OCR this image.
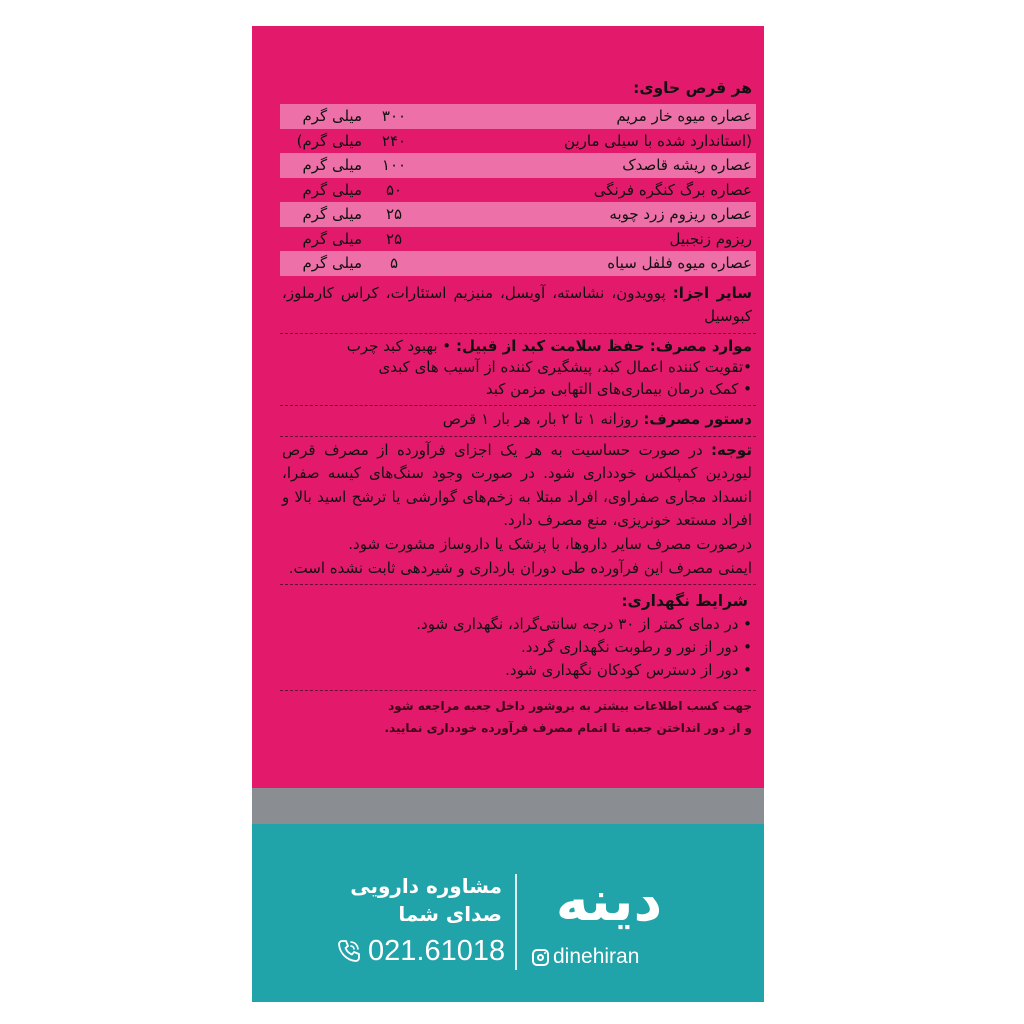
هر قرص حاوی:
عصاره میوه خار مریم
۳۰۰
میلی گرم
(استاندارد شده با سیلی مارین
۲۴۰
میلی گرم)
عصاره ریشه قاصدک
۱۰۰
میلی گرم
عصاره برگ کنگره فرنگی
۵۰
میلی گرم
عصاره ریزوم زرد چوبه
۲۵
میلی گرم
ریزوم زنجبیل
۲۵
میلی گرم
عصاره میوه فلفل سیاه
۵
میلی گرم

سایر اجزا: پوویدون، نشاسته، آویسل، منیزیم استئارات، کراس کارملوز، کبوسیل

موارد مصرف: حفظ سلامت کبد از قبیل: • بهبود کبد چرب

•تقویت کننده اعمال کبد، پیشگیری کننده از آسیب های کبدی

• کمک درمان بیماری‌های التهابی مزمن کبد

دستور مصرف: روزانه ۱ تا ۲ بار، هر بار ۱ قرص

توجه: در صورت حساسیت به هر یک اجزای فرآورده از مصرف قرص لیوردین کمپلکس خودداری شود. در صورت وجود سنگ‌های کیسه صفرا، انسداد مجاری صفراوی، افراد مبتلا به زخم‌های گوارشی یا ترشح اسید بالا و افراد مستعد خونریزی، منع مصرف دارد.

درصورت مصرف سایر داروها، با پزشک یا داروساز مشورت شود.

ایمنی مصرف این فرآورده طی دوران بارداری و شیردهی ثابت نشده است.

شرایط نگهداری:

• در دمای کمتر از ۳۰ درجه سانتی‌گراد، نگهداری شود.

• دور از نور و رطوبت نگهداری گردد.

• دور از دسترس کودکان نگهداری شود.

جهت کسب اطلاعات بیشتر به بروشور داخل جعبه مراجعه شود

و از دور انداختن جعبه تا اتمام مصرف فرآورده خودداری نمایید.

مشاوره دارویی
صدای شما
021.61018
دینه
dinehiran
